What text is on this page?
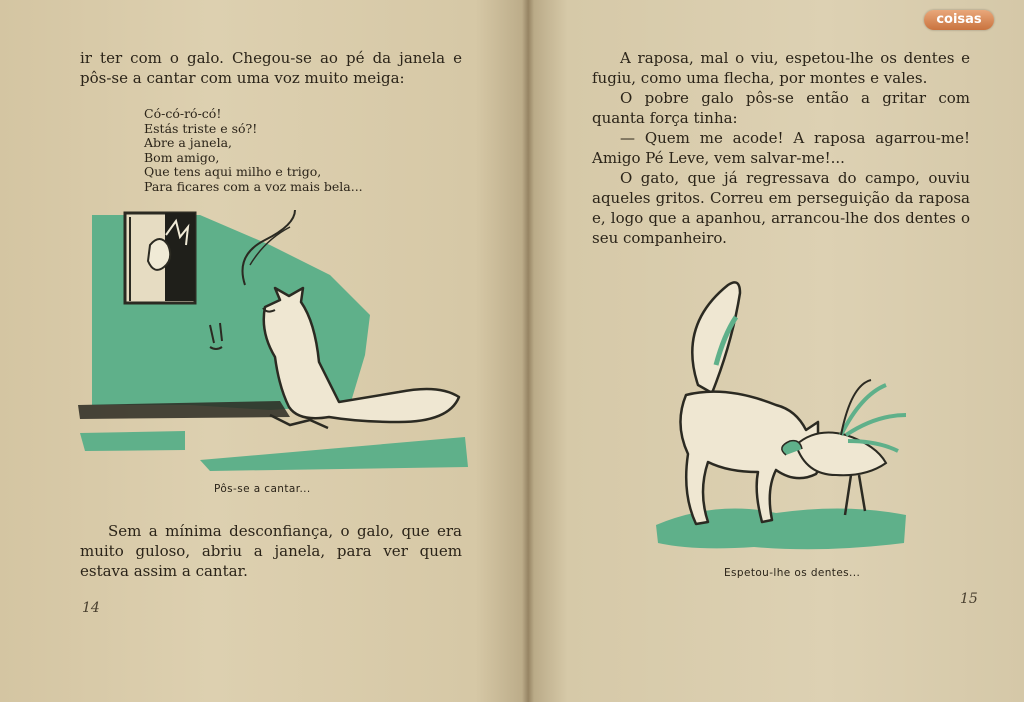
ir ter com o galo. Chegou-se ao pé da janela e pôs-se a cantar com uma voz muito meiga:

Có-có-ró-có!
Estás triste e só?!
Abre a janela,
Bom amigo,
Que tens aqui milho e trigo,
Para ficares com a voz mais bela...
Pôs-se a cantar...

Sem a mínima desconfiança, o galo, que era muito guloso, abriu a janela, para ver quem estava assim a cantar.

14

A raposa, mal o viu, espetou-lhe os dentes e fugiu, como uma flecha, por montes e vales.

O pobre galo pôs-se então a gritar com quanta força tinha:

— Quem me acode! A raposa agarrou-me! Amigo Pé Leve, vem salvar-me!...

O gato, que já regressava do campo, ouviu aqueles gritos. Correu em perseguição da raposa e, logo que a apanhou, arrancou-lhe dos dentes o seu companheiro.

Espetou-lhe os dentes...
15
coisas
